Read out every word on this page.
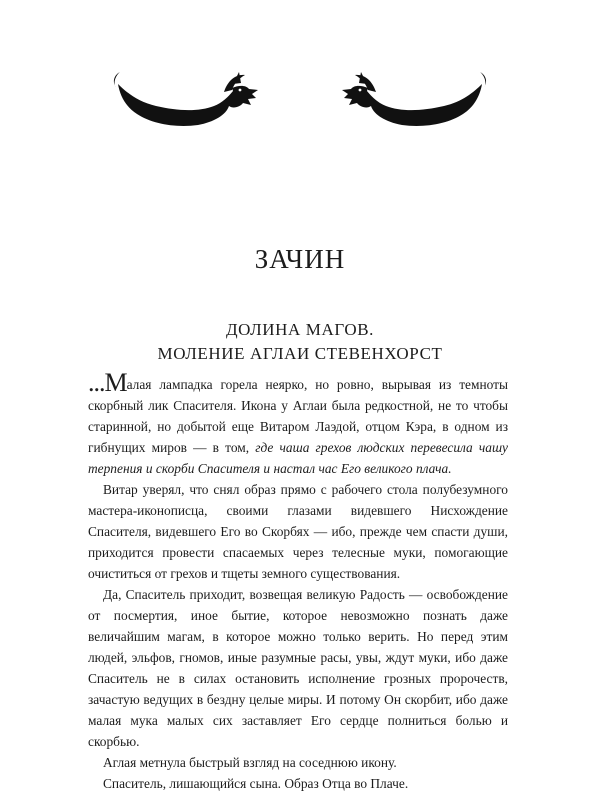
ЗАЧИН
ДОЛИНА МАГОВ.
МОЛЕНИЕ АГЛАИ СТЕВЕНХОРСТ

...Малая лампадка горела неярко, но ровно, вырывая из темноты скорбный лик Спасителя. Икона у Аглаи была редкостной, не то чтобы старинной, но добытой еще Витаром Лаэдой, отцом Кэра, в одном из гибнущих миров — в том, где чаша грехов людских перевесила чашу терпения и скорби Спасителя и настал час Его великого плача.

Витар уверял, что снял образ прямо с рабочего стола полубезумного мастера-иконописца, своими глазами видевшего Нисхождение Спасителя, видевшего Его во Скорбях — ибо, прежде чем спасти души, приходится провести спасаемых через телесные муки, помогающие очиститься от грехов и тщеты земного существования.

Да, Спаситель приходит, возвещая великую Радость — освобождение от посмертия, иное бытие, которое невозможно познать даже величайшим магам, в которое можно только верить. Но перед этим людей, эльфов, гномов, иные разумные расы, увы, ждут муки, ибо даже Спаситель не в силах остановить исполнение грозных пророчеств, зачастую ведущих в бездну целые миры. И потому Он скорбит, ибо даже малая мука малых сих заставляет Его сердце полниться болью и скорбью.

Аглая метнула быстрый взгляд на соседнюю икону.

Спаситель, лишающийся сына. Образ Отца во Плаче.
